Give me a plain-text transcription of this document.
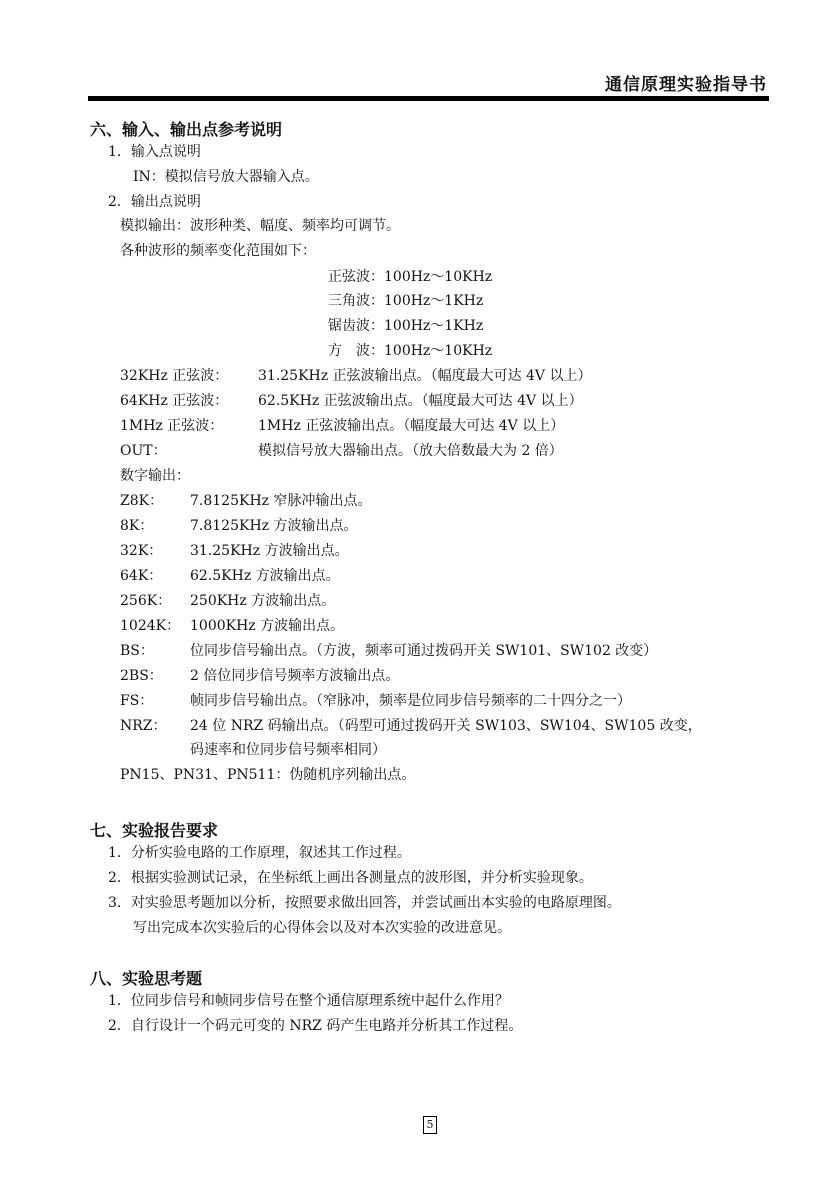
通信原理实验指导书
六、输入、输出点参考说明
1．输入点说明
IN：模拟信号放大器输入点。
2．输出点说明
模拟输出：波形种类、幅度、频率均可调节。
各种波形的频率变化范围如下：
正弦波：100Hz～10KHz
三角波：100Hz～1KHz
锯齿波：100Hz～1KHz
方　波：100Hz～10KHz
32KHz 正弦波： 31.25KHz 正弦波输出点。（幅度最大可达 4V 以上）
64KHz 正弦波： 62.5KHz 正弦波输出点。（幅度最大可达 4V 以上）
1MHz 正弦波： 1MHz 正弦波输出点。（幅度最大可达 4V 以上）
OUT：	模拟信号放大器输出点。（放大倍数最大为 2 倍）
数字输出：
Z8K： 7.8125KHz 窄脉冲输出点。
8K：	7.8125KHz 方波输出点。
32K： 31.25KHz 方波输出点。
64K： 62.5KHz 方波输出点。
256K： 250KHz 方波输出点。
1024K： 1000KHz 方波输出点。
BS：	位同步信号输出点。（方波，频率可通过拨码开关 SW101、SW102 改变）
2BS： 2 倍位同步信号频率方波输出点。
FS：	帧同步信号输出点。（窄脉冲，频率是位同步信号频率的二十四分之一）
NRZ： 24 位 NRZ 码输出点。（码型可通过拨码开关 SW103、SW104、SW105 改变，
码速率和位同步信号频率相同）
PN15、PN31、PN511：伪随机序列输出点。
七、实验报告要求
1．分析实验电路的工作原理，叙述其工作过程。
2．根据实验测试记录，在坐标纸上画出各测量点的波形图，并分析实验现象。
3．对实验思考题加以分析，按照要求做出回答，并尝试画出本实验的电路原理图。
写出完成本次实验后的心得体会以及对本次实验的改进意见。
八、实验思考题
1．位同步信号和帧同步信号在整个通信原理系统中起什么作用？
2．自行设计一个码元可变的 NRZ 码产生电路并分析其工作过程。
5
